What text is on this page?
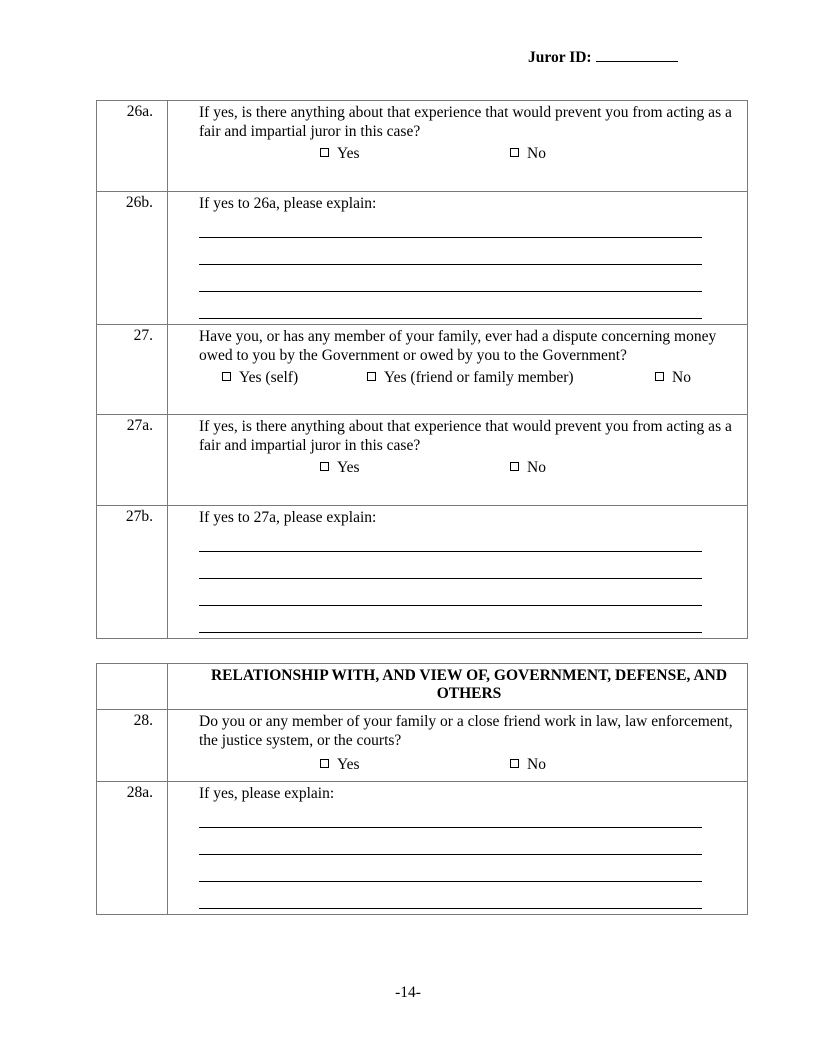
Juror ID:
26a.	If yes, is there anything about that experience that would prevent you from acting as a fair and impartial juror in this case?
Yes No

26b.	If yes to 26a, please explain:

27.	Have you, or has any member of your family, ever had a dispute concerning money owed to you by the Government or owed by you to the Government?
Yes (self) Yes (friend or family member) No

27a.	If yes, is there anything about that experience that would prevent you from acting as a fair and impartial juror in this case?
Yes No

27b.	If yes to 27a, please explain:

	RELATIONSHIP WITH, AND VIEW OF, GOVERNMENT, DEFENSE, AND OTHERS

28.	Do you or any member of your family or a close friend work in law, law enforcement, the justice system, or the courts?
Yes No

28a.	If yes, please explain:
-14-
